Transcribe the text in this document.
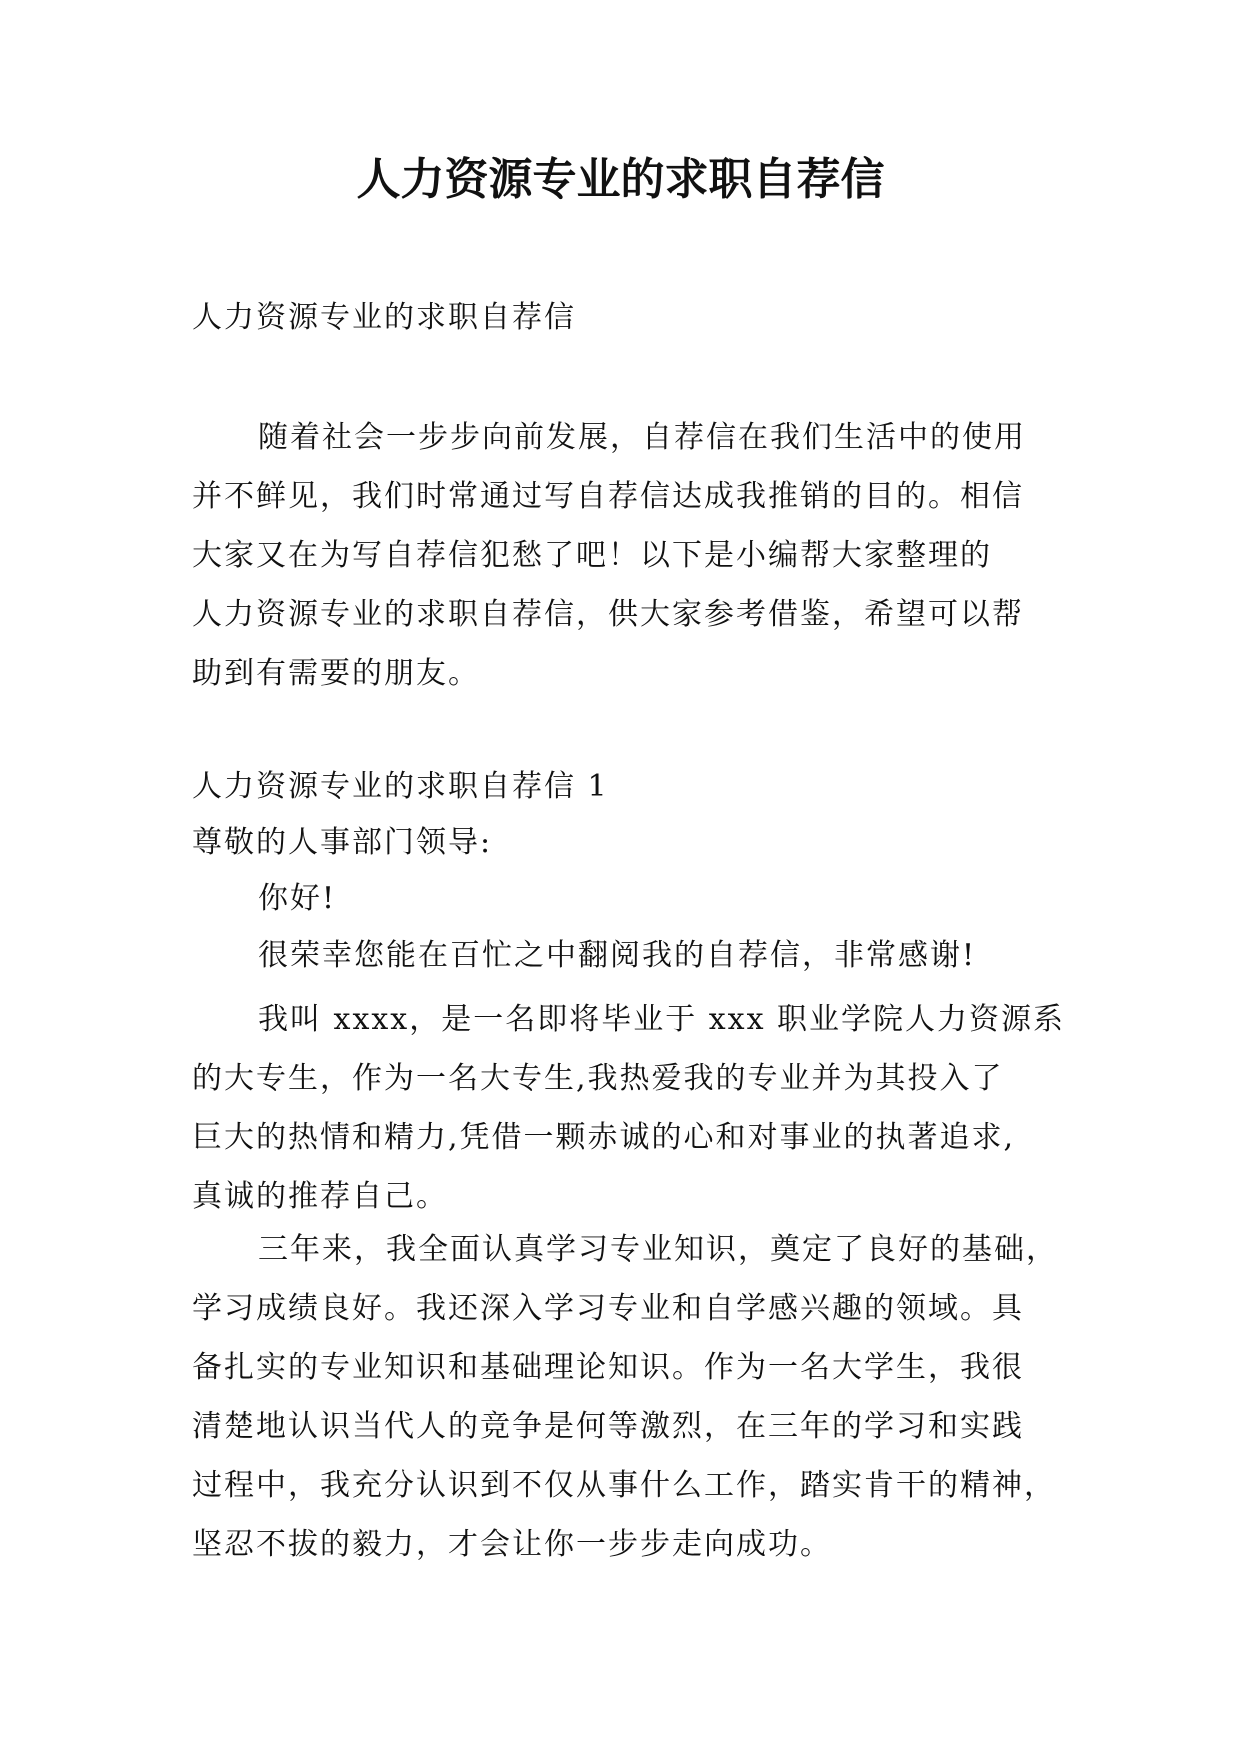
人力资源专业的求职自荐信

人力资源专业的求职自荐信

随着社会一步步向前发展，自荐信在我们生活中的使用
并不鲜见，我们时常通过写自荐信达成我推销的目的。相信
大家又在为写自荐信犯愁了吧！以下是小编帮大家整理的
人力资源专业的求职自荐信，供大家参考借鉴，希望可以帮
助到有需要的朋友。

人力资源专业的求职自荐信 1

尊敬的人事部门领导:

你好!

很荣幸您能在百忙之中翻阅我的自荐信，非常感谢!

我叫 xxxx，是一名即将毕业于 xxx 职业学院人力资源系
的大专生，作为一名大专生,我热爱我的专业并为其投入了
巨大的热情和精力,凭借一颗赤诚的心和对事业的执著追求,
真诚的推荐自己。
三年来，我全面认真学习专业知识，奠定了良好的基础，
学习成绩良好。我还深入学习专业和自学感兴趣的领域。具
备扎实的专业知识和基础理论知识。作为一名大学生，我很
清楚地认识当代人的竞争是何等激烈，在三年的学习和实践
过程中，我充分认识到不仅从事什么工作，踏实肯干的精神，
坚忍不拔的毅力，才会让你一步步走向成功。
